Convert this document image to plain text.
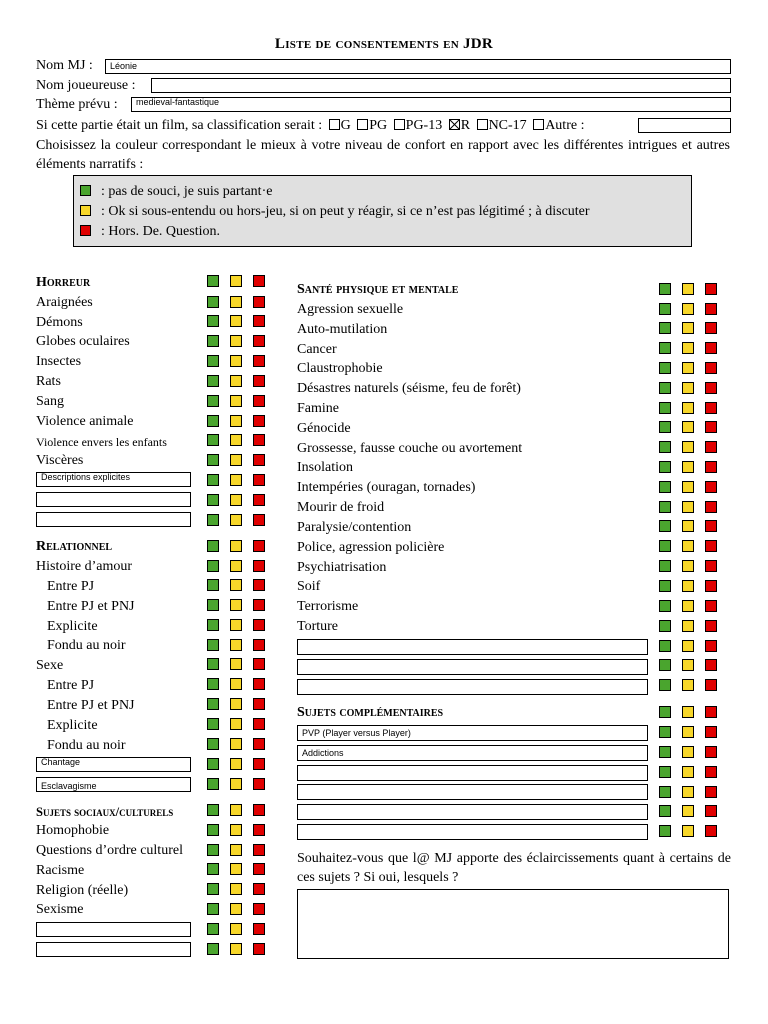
Liste de consentements en JDR
Nom MJ :	Léonie
Nom joueureuse :
Thème prévu :	medieval-fantastique
Si cette partie était un film, sa classification serait : G PG PG-13 R NC-17 Autre :
Choisissez la couleur correspondant le mieux à votre niveau de confort en rapport avec les différentes intrigues et autres éléments narratifs :
: pas de souci, je suis partant·e
: Ok si sous-entendu ou hors-jeu, si on peut y réagir, si ce n’est pas légitimé ; à discuter
: Hors. De. Question.
Horreur
Araignées
Démons
Globes oculaires
Insectes
Rats
Sang
Violence animale
Violence envers les enfants
Viscères
Descriptions explicites
Relationnel
Histoire d’amour
Entre PJ
Entre PJ et PNJ
Explicite
Fondu au noir
Sexe
Entre PJ
Entre PJ et PNJ
Explicite
Fondu au noir
Chantage
Esclavagisme
Sujets sociaux/culturels
Homophobie
Questions d’ordre culturel
Racisme
Religion (réelle)
Sexisme
Santé physique et mentale
Agression sexuelle
Auto-mutilation
Cancer
Claustrophobie
Désastres naturels (séisme, feu de forêt)
Famine
Génocide
Grossesse, fausse couche ou avortement
Insolation
Intempéries (ouragan, tornades)
Mourir de froid
Paralysie/contention
Police, agression policière
Psychiatrisation
Soif
Terrorisme
Torture
Sujets complémentaires
PVP (Player versus Player)
Addictions
Souhaitez-vous que l@ MJ apporte des éclaircissements quant à certains de ces sujets ? Si oui, lesquels ?
